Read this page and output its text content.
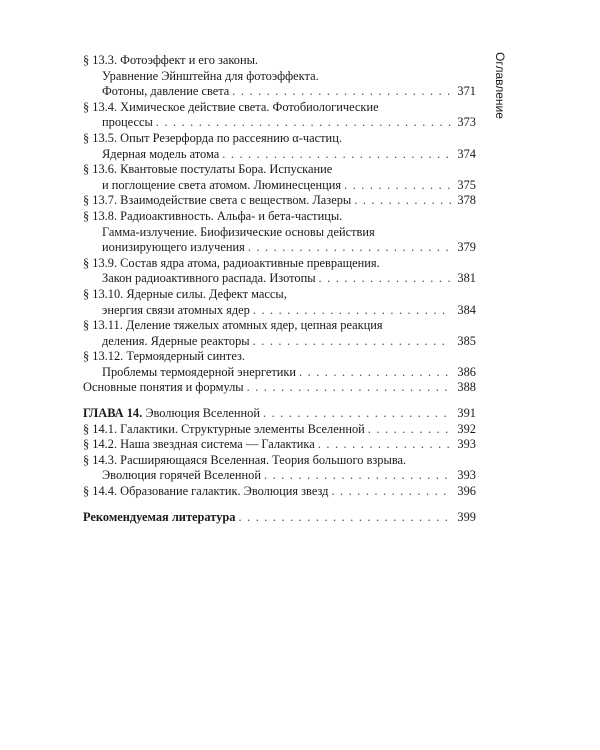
Оглавление
§ 13.3. Фотоэффект и его законы.
Уравнение Эйнштейна для фотоэффекта.
Фотоны, давление света . . .	371
§ 13.4. Химическое действие света. Фотобиологические
процессы . . .	373
§ 13.5. Опыт Резерфорда по рассеянию α-частиц.
Ядерная модель атома . . .	374
§ 13.6. Квантовые постулаты Бора. Испускание
и поглощение света атомом. Люминесценция . . .	375
§ 13.7. Взаимодействие света с веществом. Лазеры . . .	378
§ 13.8. Радиоактивность. Альфа- и бета-частицы.
Гамма-излучение. Биофизические основы действия
ионизирующего излучения . . .	379
§ 13.9. Состав ядра атома, радиоактивные превращения.
Закон радиоактивного распада. Изотопы . . .	381
§ 13.10. Ядерные силы. Дефект массы,
энергия связи атомных ядер . . .	384
§ 13.11. Деление тяжелых атомных ядер, цепная реакция
деления. Ядерные реакторы . . .	385
§ 13.12. Термоядерный синтез.
Проблемы термоядерной энергетики . . .	386
Основные понятия и формулы . . .	388
ГЛАВА 14. Эволюция Вселенной . . .	391
§ 14.1. Галактики. Структурные элементы Вселенной . . .	392
§ 14.2. Наша звездная система — Галактика . . .	393
§ 14.3. Расширяющаяся Вселенная. Теория большого взрыва.
Эволюция горячей Вселенной . . .	393
§ 14.4. Образование галактик. Эволюция звезд . . .	396
Рекомендуемая литература . . .	399
